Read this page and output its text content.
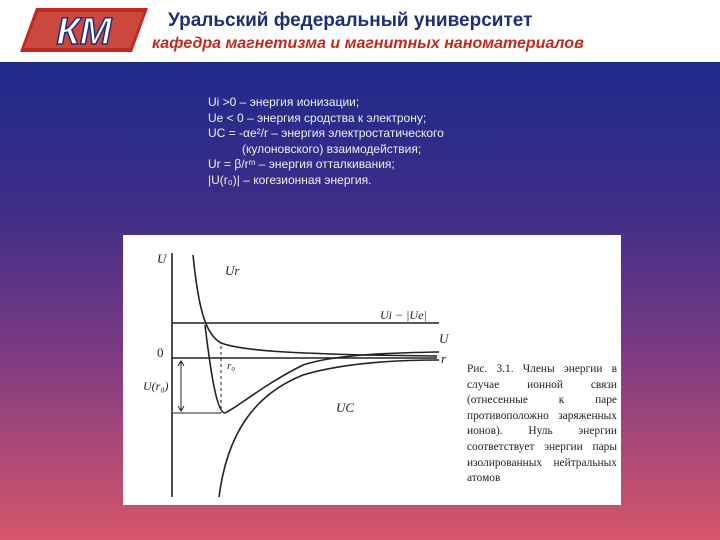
КМ	Уральский федеральный университет
кафедра магнетизма и магнитных наноматериалов
Ui >0 – энергия ионизации;
Ue < 0 – энергия сродства к электрону;
UC = -αe²/r – энергия электростатического
(кулоновского) взаимодействия;
Ur = β/rᵐ – энергия отталкивания;
|U(r₀)| – когезионная энергия.
U
Ur
Ui − |Ue|
U
0	r
r₀
U(r₀)
UC
Рис. 3.1. Члены энергии в случае ионной связи (отнесенные к паре противоположно заряженных ионов). Нуль энергии соответствует энергии пары изолированных нейтральных атомов
